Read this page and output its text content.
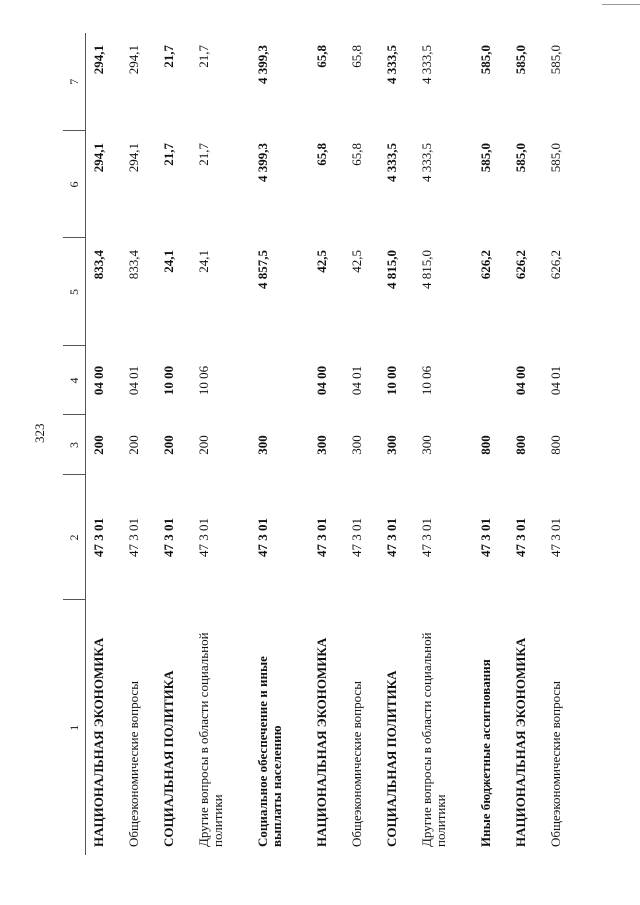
323
1	2	3	4	5	6	7
НАЦИОНАЛЬНАЯ ЭКОНОМИКА	47 3 01	200	04 00	833,4	294,1	294,1
Общеэкономические вопросы	47 3 01	200	04 01	833,4	294,1	294,1
СОЦИАЛЬНАЯ ПОЛИТИКА	47 3 01	200	10 00	24,1	21,7	21,7
Другие вопросы в области социальной политики	47 3 01	200	10 06	24,1	21,7	21,7
Социальное обеспечение и иные выплаты населению	47 3 01	300		4 857,5	4 399,3	4 399,3
НАЦИОНАЛЬНАЯ ЭКОНОМИКА	47 3 01	300	04 00	42,5	65,8	65,8
Общеэкономические вопросы	47 3 01	300	04 01	42,5	65,8	65,8
СОЦИАЛЬНАЯ ПОЛИТИКА	47 3 01	300	10 00	4 815,0	4 333,5	4 333,5
Другие вопросы в области социальной политики	47 3 01	300	10 06	4 815,0	4 333,5	4 333,5
Иные бюджетные ассигнования	47 3 01	800		626,2	585,0	585,0
НАЦИОНАЛЬНАЯ ЭКОНОМИКА	47 3 01	800	04 00	626,2	585,0	585,0
Общеэкономические вопросы	47 3 01	800	04 01	626,2	585,0	585,0
